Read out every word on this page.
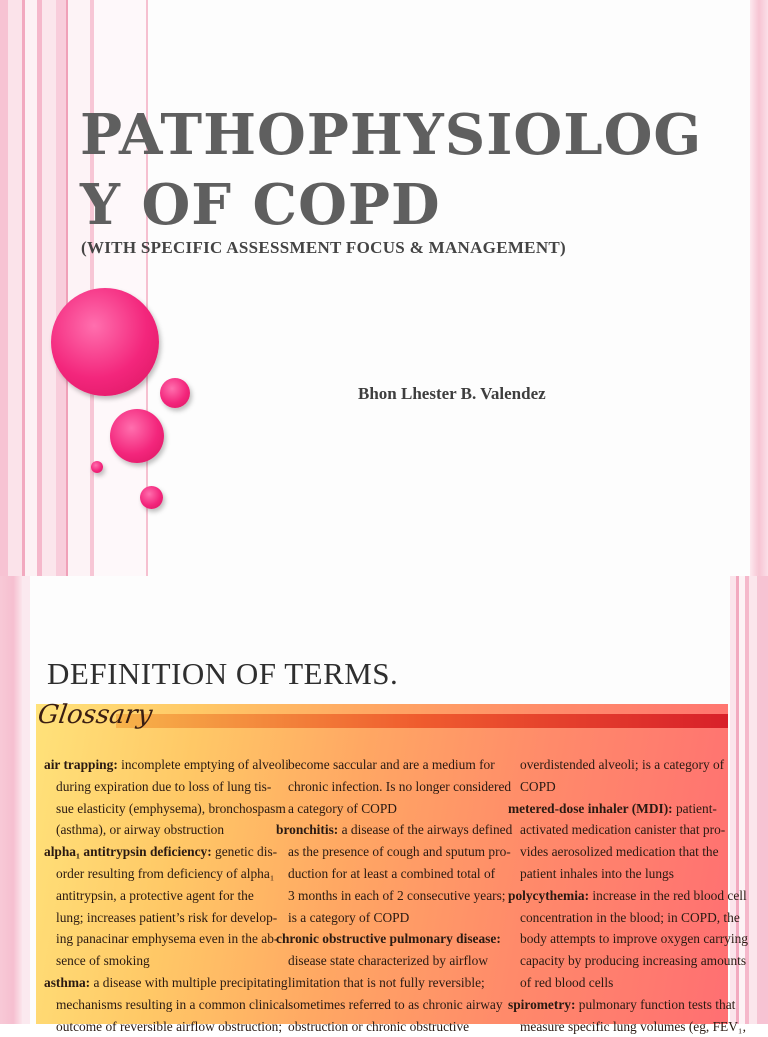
PATHOPHYSIOLOG
Y OF COPD
(WITH SPECIFIC ASSESSMENT FOCUS & MANAGEMENT)
Bhon Lhester B. Valendez
DEFINITION OF TERMS.
Glossary
air trapping: incomplete emptying of alveoli
during expiration due to loss of lung tis-
sue elasticity (emphysema), bronchospasm
(asthma), or airway obstruction
alpha₁ antitrypsin deficiency: genetic dis-
order resulting from deficiency of alpha₁
antitrypsin, a protective agent for the
lung; increases patient’s risk for develop-
ing panacinar emphysema even in the ab-
sence of smoking
asthma: a disease with multiple precipitating
mechanisms resulting in a common clinical
outcome of reversible airflow obstruction;
become saccular and are a medium for
chronic infection. Is no longer considered
a category of COPD
bronchitis: a disease of the airways defined
as the presence of cough and sputum pro-
duction for at least a combined total of
3 months in each of 2 consecutive years;
is a category of COPD
chronic obstructive pulmonary disease:
disease state characterized by airflow
limitation that is not fully reversible;
sometimes referred to as chronic airway
obstruction or chronic obstructive
overdistended alveoli; is a category of
COPD
metered-dose inhaler (MDI): patient-
activated medication canister that pro-
vides aerosolized medication that the
patient inhales into the lungs
polycythemia: increase in the red blood cell
concentration in the blood; in COPD, the
body attempts to improve oxygen carrying
capacity by producing increasing amounts
of red blood cells
spirometry: pulmonary function tests that
measure specific lung volumes (eg, FEV₁,
